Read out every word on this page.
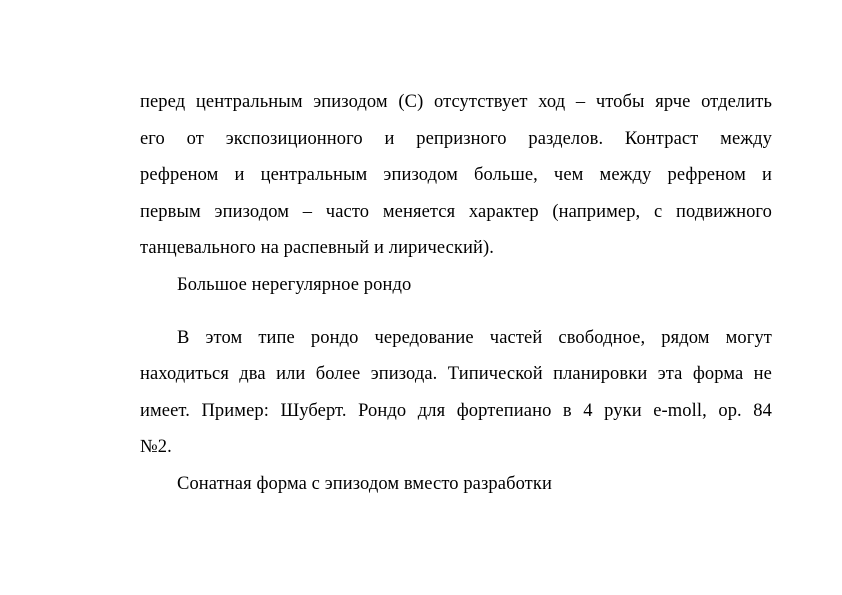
перед центральным эпизодом (С) отсутствует ход – чтобы ярче отделить
его от экспозиционного и репризного разделов. Контраст между
рефреном и центральным эпизодом больше, чем между рефреном и
первым эпизодом – часто меняется характер (например, с подвижного
танцевального на распевный и лирический).
Большое нерегулярное рондо
В этом типе рондо чередование частей свободное, рядом могут
находиться два или более эпизода. Типической планировки эта форма не
имеет. Пример: Шуберт. Рондо для фортепиано в 4 руки e-moll, op. 84
№2.
Сонатная форма с эпизодом вместо разработки
